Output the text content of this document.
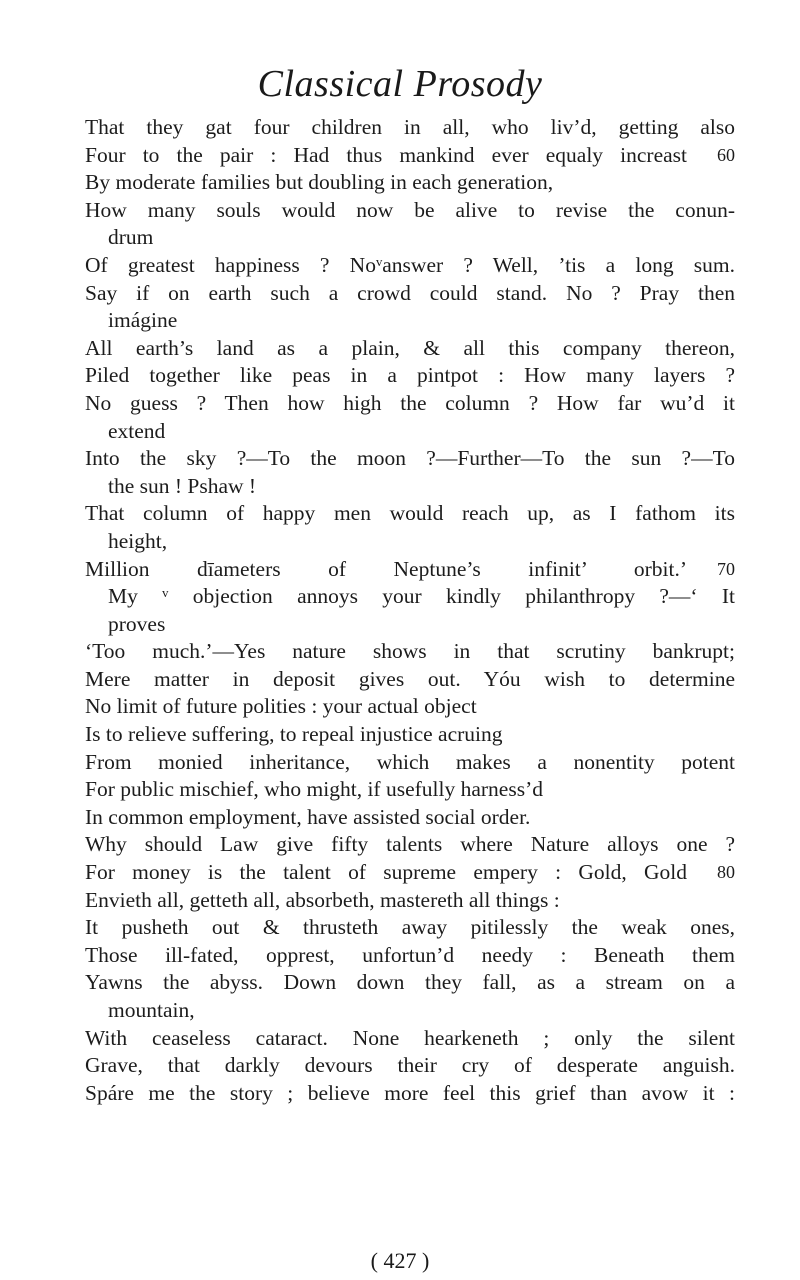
Classical Prosody
That they gat four children in all, who liv’d, getting also
Four to the pair : Had thus mankind ever equaly increast 60
By moderate families but doubling in each generation,
How many souls would now be alive to revise the conun-
drum
Of greatest happiness ? Noᵛanswer ? Well, ’tis a long sum.
Say if on earth such a crowd could stand. No ? Pray then
imágine
All earth’s land as a plain, & all this company thereon,
Piled together like peas in a pintpot : How many layers ?
No guess ? Then how high the column ? How far wu’d it
extend
Into the sky ?—To the moon ?—Further—To the sun ?—To
the sun ! Pshaw !
That column of happy men would reach up, as I fathom its
height,
Million dīameters of Neptune’s infinit’ orbit.’ 70
My ᵛ objection annoys your kindly philanthropy ?—‘ It
proves
‘Too much.’—Yes nature shows in that scrutiny bankrupt;
Mere matter in deposit gives out. Yóu wish to determine
No limit of future polities : your actual object
Is to relieve suffering, to repeal injustice acruing
From monied inheritance, which makes a nonentity potent
For public mischief, who might, if usefully harness’d
In common employment, have assisted social order.
Why should Law give fifty talents where Nature alloys one ?
For money is the talent of supreme empery : Gold, Gold 80
Envieth all, getteth all, absorbeth, mastereth all things :
It pusheth out & thrusteth away pitilessly the weak ones,
Those ill-fated, opprest, unfortun’d needy : Beneath them
Yawns the abyss. Down down they fall, as a stream on a
mountain,
With ceaseless cataract. None hearkeneth ; only the silent
Grave, that darkly devours their cry of desperate anguish.
Spáre me the story ; believe more feel this grief than avow it :
( 427 )
